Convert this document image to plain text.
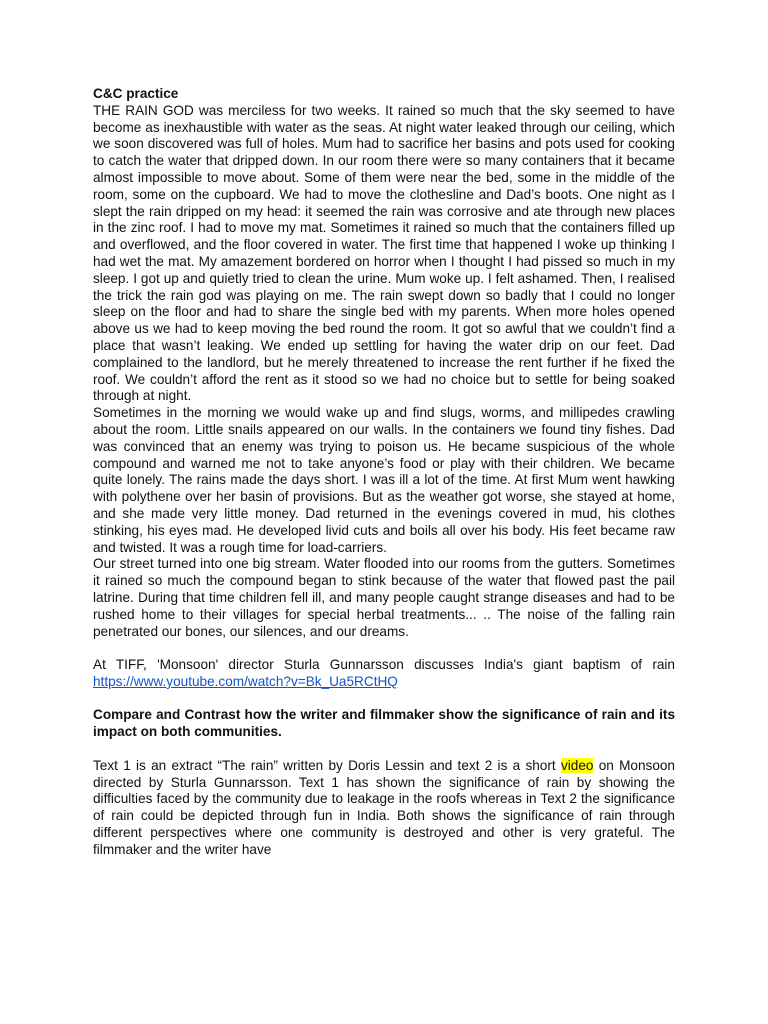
C&C practice

THE RAIN GOD was merciless for two weeks. It rained so much that the sky seemed to have become as inexhaustible with water as the seas. At night water leaked through our ceiling, which we soon discovered was full of holes. Mum had to sacrifice her basins and pots used for cooking to catch the water that dripped down. In our room there were so many containers that it became almost impossible to move about. Some of them were near the bed, some in the middle of the room, some on the cupboard. We had to move the clothesline and Dad’s boots. One night as I slept the rain dripped on my head: it seemed the rain was corrosive and ate through new places in the zinc roof. I had to move my mat. Sometimes it rained so much that the containers filled up and overflowed, and the floor covered in water. The first time that happened I woke up thinking I had wet the mat. My amazement bordered on horror when I thought I had pissed so much in my sleep. I got up and quietly tried to clean the urine. Mum woke up. I felt ashamed. Then, I realised the trick the rain god was playing on me. The rain swept down so badly that I could no longer sleep on the floor and had to share the single bed with my parents. When more holes opened above us we had to keep moving the bed round the room. It got so awful that we couldn’t find a place that wasn’t leaking. We ended up settling for having the water drip on our feet. Dad complained to the landlord, but he merely threatened to increase the rent further if he fixed the roof. We couldn’t afford the rent as it stood so we had no choice but to settle for being soaked through at night.

Sometimes in the morning we would wake up and find slugs, worms, and millipedes crawling about the room. Little snails appeared on our walls. In the containers we found tiny fishes. Dad was convinced that an enemy was trying to poison us. He became suspicious of the whole compound and warned me not to take anyone’s food or play with their children. We became quite lonely. The rains made the days short. I was ill a lot of the time. At first Mum went hawking with polythene over her basin of provisions. But as the weather got worse, she stayed at home, and she made very little money. Dad returned in the evenings covered in mud, his clothes stinking, his eyes mad. He developed livid cuts and boils all over his body. His feet became raw and twisted. It was a rough time for load-carriers.

Our street turned into one big stream. Water flooded into our rooms from the gutters. Sometimes it rained so much the compound began to stink because of the water that flowed past the pail latrine. During that time children fell ill, and many people caught strange diseases and had to be rushed home to their villages for special herbal treatments... .. The noise of the falling rain penetrated our bones, our silences, and our dreams.

At TIFF, 'Monsoon' director Sturla Gunnarsson discusses India's giant baptism of rain https://www.youtube.com/watch?v=Bk_Ua5RCtHQ

Compare and Contrast how the writer and filmmaker show the significance of rain and its impact on both communities.

Text 1 is an extract “The rain” written by Doris Lessin and text 2 is a short video on Monsoon directed by Sturla Gunnarsson. Text 1 has shown the significance of rain by showing the difficulties faced by the community due to leakage in the roofs whereas in Text 2 the significance of rain could be depicted through fun in India. Both shows the significance of rain through different perspectives where one community is destroyed and other is very grateful. The filmmaker and the writer have
